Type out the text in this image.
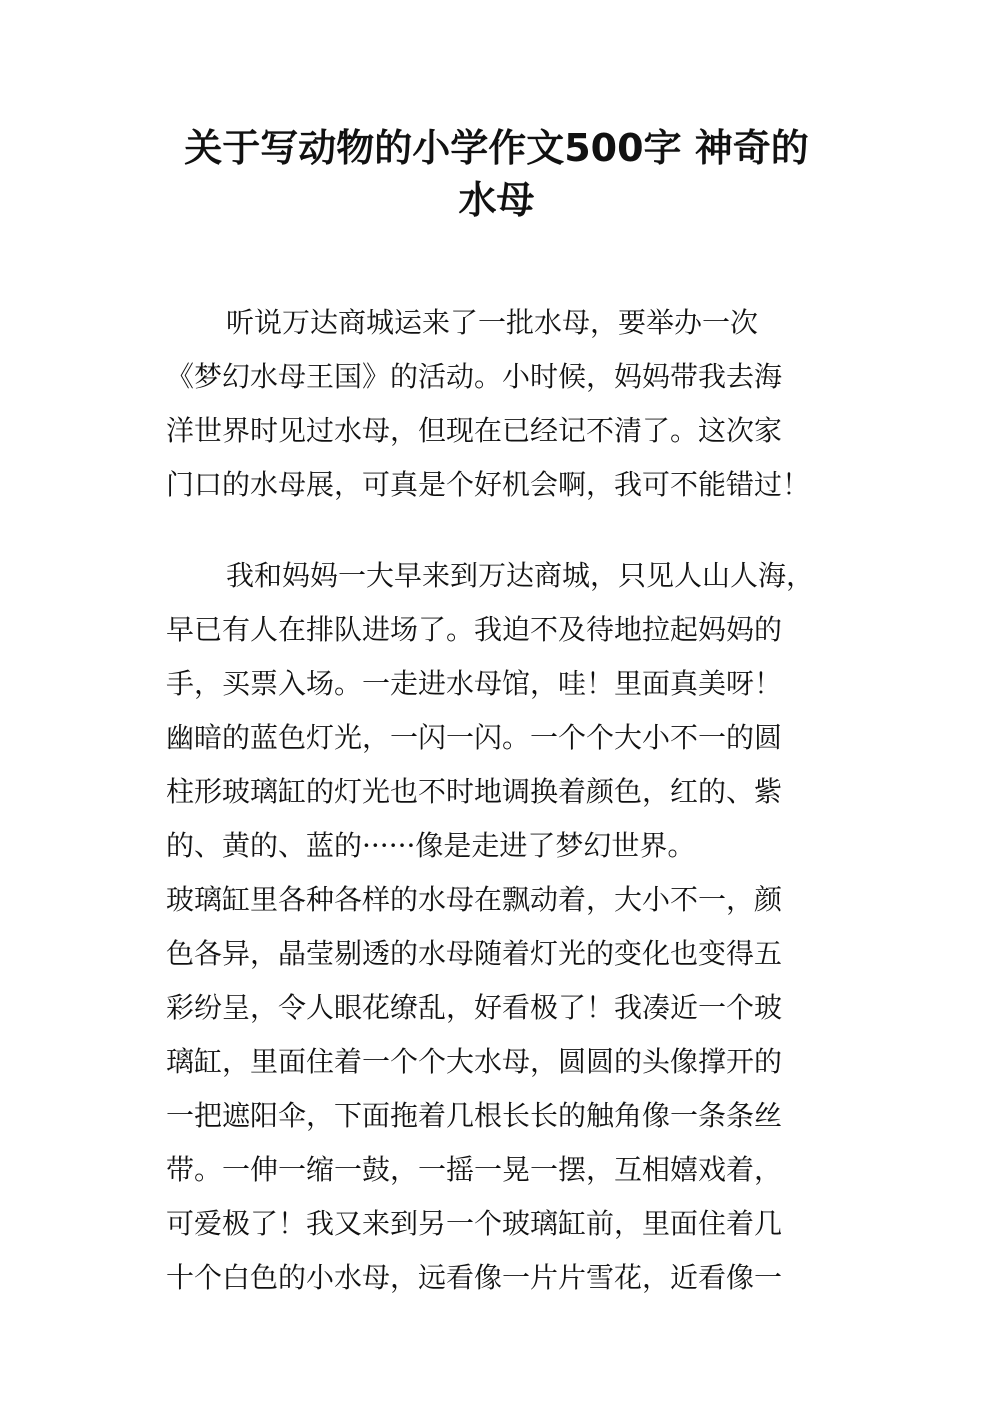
关于写动物的小学作文500字 神奇的
水母
听说万达商城运来了一批水母，要举办一次
《梦幻水母王国》的活动。小时候，妈妈带我去海
洋世界时见过水母，但现在已经记不清了。这次家
门口的水母展，可真是个好机会啊，我可不能错过！
我和妈妈一大早来到万达商城，只见人山人海，
早已有人在排队进场了。我迫不及待地拉起妈妈的
手，买票入场。一走进水母馆，哇！里面真美呀！
幽暗的蓝色灯光，一闪一闪。一个个大小不一的圆
柱形玻璃缸的灯光也不时地调换着颜色，红的、紫
的、黄的、蓝的······像是走进了梦幻世界。
玻璃缸里各种各样的水母在飘动着，大小不一，颜
色各异，晶莹剔透的水母随着灯光的变化也变得五
彩纷呈，令人眼花缭乱，好看极了！我凑近一个玻
璃缸，里面住着一个个大水母，圆圆的头像撑开的
一把遮阳伞，下面拖着几根长长的触角像一条条丝
带。一伸一缩一鼓，一摇一晃一摆，互相嬉戏着，
可爱极了！我又来到另一个玻璃缸前，里面住着几
十个白色的小水母，远看像一片片雪花，近看像一
